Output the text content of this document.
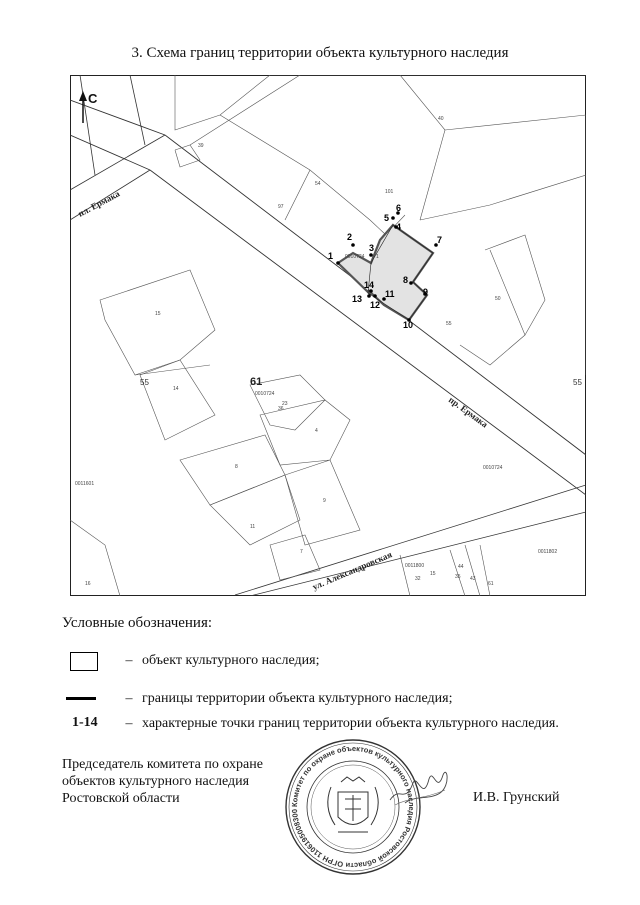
3. Схема границ территории объекта культурного наследия
С
61
55	55
0010724
0010724
0010724
0011601
0011802
0011800
40
101
39
54
97
1
15
14
23
4
8
9
11
7
50
55
36
16
32
15	35
44
43
61
пл. Ермака
пр. Ермака
ул. Александровская
1
2
3
4
5
6
7
8
9
10
11
12
13
14
Условные обозначения:
– объект культурного наследия;
– границы территории объекта культурного наследия;
1-14	– характерные точки границ территории объекта культурного наследия.
Председатель комитета по охране
объектов культурного наследия
Ростовской области	Комитет по охране объектов культурного наследия Ростовской области ОГРН 1106195008300
И.В. Грунский
